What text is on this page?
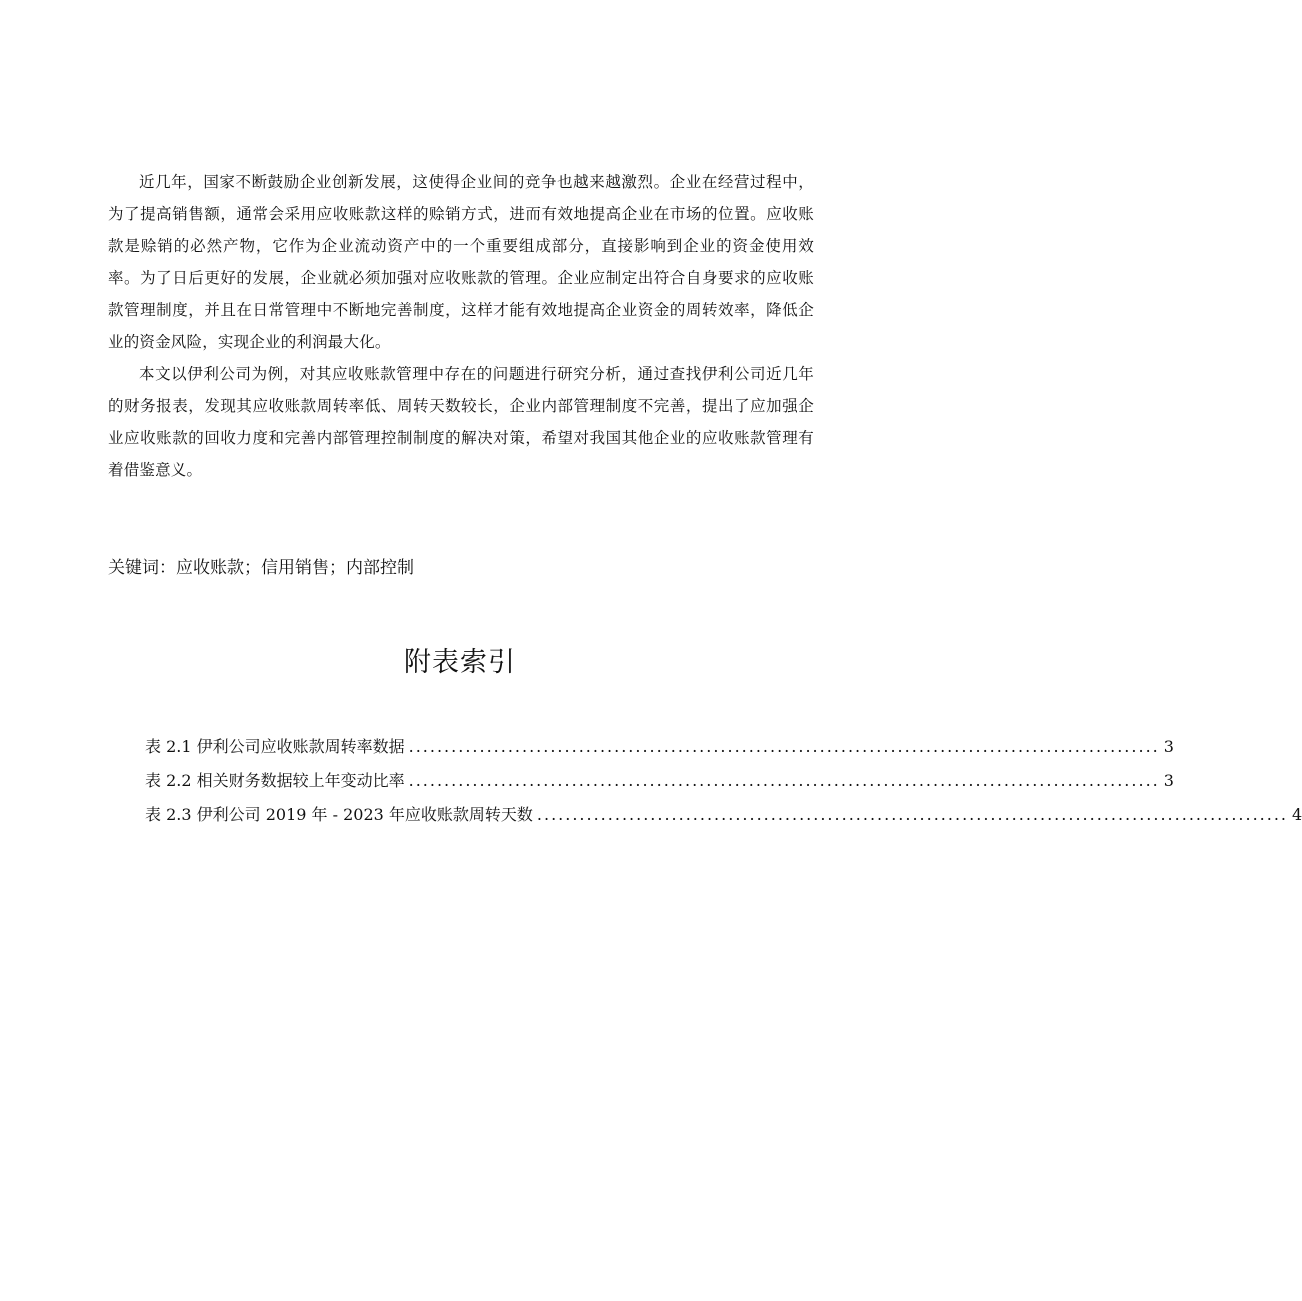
近几年，国家不断鼓励企业创新发展，这使得企业间的竞争也越来越激烈。企业在经营过程中，为了提高销售额，通常会采用应收账款这样的赊销方式，进而有效地提高企业在市场的位置。应收账款是赊销的必然产物，它作为企业流动资产中的一个重要组成部分，直接影响到企业的资金使用效率。为了日后更好的发展，企业就必须加强对应收账款的管理。企业应制定出符合自身要求的应收账款管理制度，并且在日常管理中不断地完善制度，这样才能有效地提高企业资金的周转效率，降低企业的资金风险，实现企业的利润最大化。

本文以伊利公司为例，对其应收账款管理中存在的问题进行研究分析，通过查找伊利公司近几年的财务报表，发现其应收账款周转率低、周转天数较长，企业内部管理制度不完善，提出了应加强企业应收账款的回收力度和完善内部管理控制制度的解决对策，希望对我国其他企业的应收账款管理有着借鉴意义。

关键词：应收账款；信用销售；内部控制
附表索引
表 2.1 伊利公司应收账款周转率数据 .......................................................................................................... 3
表 2.2 相关财务数据较上年变动比率 .......................................................................................................... 3
表 2.3 伊利公司 2019 年 - 2023 年应收账款周转天数 .......................................................................................................... 4
